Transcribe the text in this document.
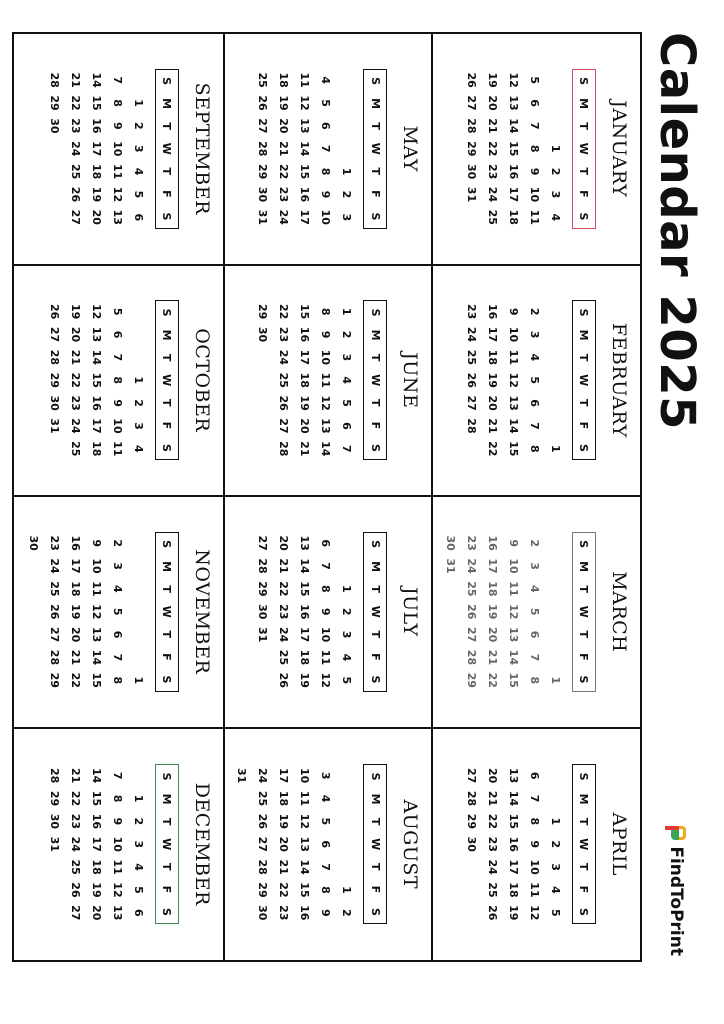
Calendar 2025
FindToPrint
JANUARY
S
M
T
W
T
F
S
1
2
3
4
5
6
7
8
9
10
11
12
13
14
15
16
17
18
19
20
21
22
23
24
25
26
27
28
29
30
31
FEBRUARY
S
M
T
W
T
F
S
1
2
3
4
5
6
7
8
9
10
11
12
13
14
15
16
17
18
19
20
21
22
23
24
25
26
27
28
MARCH
S
M
T
W
T
F
S
1
2
3
4
5
6
7
8
9
10
11
12
13
14
15
16
17
18
19
20
21
22
23
24
25
26
27
28
29
30
31
APRIL
S
M
T
W
T
F
S
1
2
3
4
5
6
7
8
9
10
11
12
13
14
15
16
17
18
19
20
21
22
23
24
25
26
27
28
29
30
MAY
S
M
T
W
T
F
S
1
2
3
4
5
6
7
8
9
10
11
12
13
14
15
16
17
18
19
20
21
22
23
24
25
26
27
28
29
30
31
JUNE
S
M
T
W
T
F
S
1
2
3
4
5
6
7
8
9
10
11
12
13
14
15
16
17
18
19
20
21
22
23
24
25
26
27
28
29
30
JULY
S
M
T
W
T
F
S
1
2
3
4
5
6
7
8
9
10
11
12
13
14
15
16
17
18
19
20
21
22
23
24
25
26
27
28
29
30
31
AUGUST
S
M
T
W
T
F
S
1
2
3
4
5
6
7
8
9
10
11
12
13
14
15
16
17
18
19
20
21
22
23
24
25
26
27
28
29
30
31
SEPTEMBER
S
M
T
W
T
F
S
1
2
3
4
5
6
7
8
9
10
11
12
13
14
15
16
17
18
19
20
21
22
23
24
25
26
27
28
29
30
OCTOBER
S
M
T
W
T
F
S
1
2
3
4
5
6
7
8
9
10
11
12
13
14
15
16
17
18
19
20
21
22
23
24
25
26
27
28
29
30
31
NOVEMBER
S
M
T
W
T
F
S
1
2
3
4
5
6
7
8
9
10
11
12
13
14
15
16
17
18
19
20
21
22
23
24
25
26
27
28
29
30
DECEMBER
S
M
T
W
T
F
S
1
2
3
4
5
6
7
8
9
10
11
12
13
14
15
16
17
18
19
20
21
22
23
24
25
26
27
28
29
30
31
